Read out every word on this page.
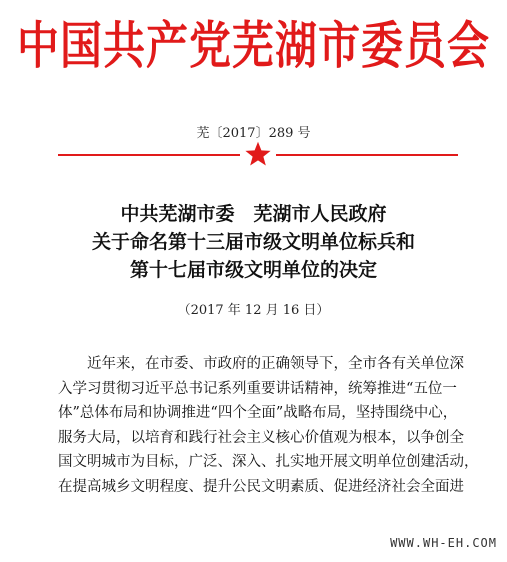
中国共产党芜湖市委员会
芜〔2017〕289 号
中共芜湖市委　芜湖市人民政府
关于命名第十三届市级文明单位标兵和
第十七届市级文明单位的决定
（2017 年 12 月 16 日）
　　近年来，在市委、市政府的正确领导下，全市各有关单位深
入学习贯彻习近平总书记系列重要讲话精神，统筹推进“五位一
体”总体布局和协调推进“四个全面”战略布局，坚持围绕中心，
服务大局，以培育和践行社会主义核心价值观为根本，以争创全
国文明城市为目标，广泛、深入、扎实地开展文明单位创建活动，
在提高城乡文明程度、提升公民文明素质、促进经济社会全面进
WWW.WH-EH.COM
